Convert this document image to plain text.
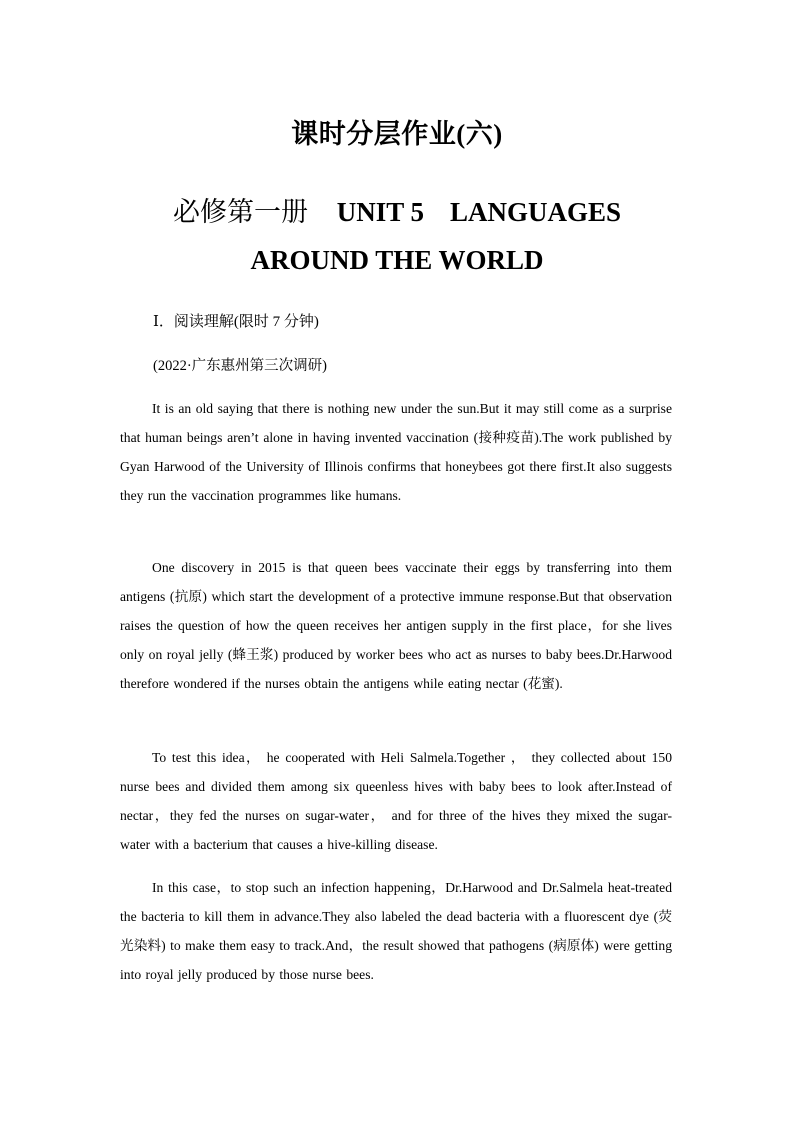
课时分层作业(六)
必修第一册 UNIT 5 LANGUAGES
AROUND THE WORLD
Ⅰ．阅读理解(限时 7 分钟)
(2022·广东惠州第三次调研)

It is an old saying that there is nothing new under the sun.But it may still come as a surprise that human beings aren’t alone in having invented vaccination (接种疫苗).The work published by Gyan Harwood of the University of Illinois confirms that honeybees got there first.It also suggests they run the vaccination programmes like humans.

One discovery in 2015 is that queen bees vaccinate their eggs by transferring into them antigens (抗原) which start the development of a protective immune response.But that observation raises the question of how the queen receives her antigen supply in the first place，for she lives only on royal jelly (蜂王浆) produced by worker bees who act as nurses to baby bees.Dr.Harwood therefore wondered if the nurses obtain the antigens while eating nectar (花蜜).

To test this idea， he cooperated with Heli Salmela.Together ， they collected about 150 nurse bees and divided them among six queenless hives with baby bees to look after.Instead of nectar，they fed the nurses on sugar-water， and for three of the hives they mixed the sugar-water with a bacterium that causes a hive-killing disease.

In this case，to stop such an infection happening，Dr.Harwood and Dr.Salmela heat-treated the bacteria to kill them in advance.They also labeled the dead bacteria with a fluorescent dye (荧光染料) to make them easy to track.And，the result showed that pathogens (病原体) were getting into royal jelly produced by those nurse bees.
